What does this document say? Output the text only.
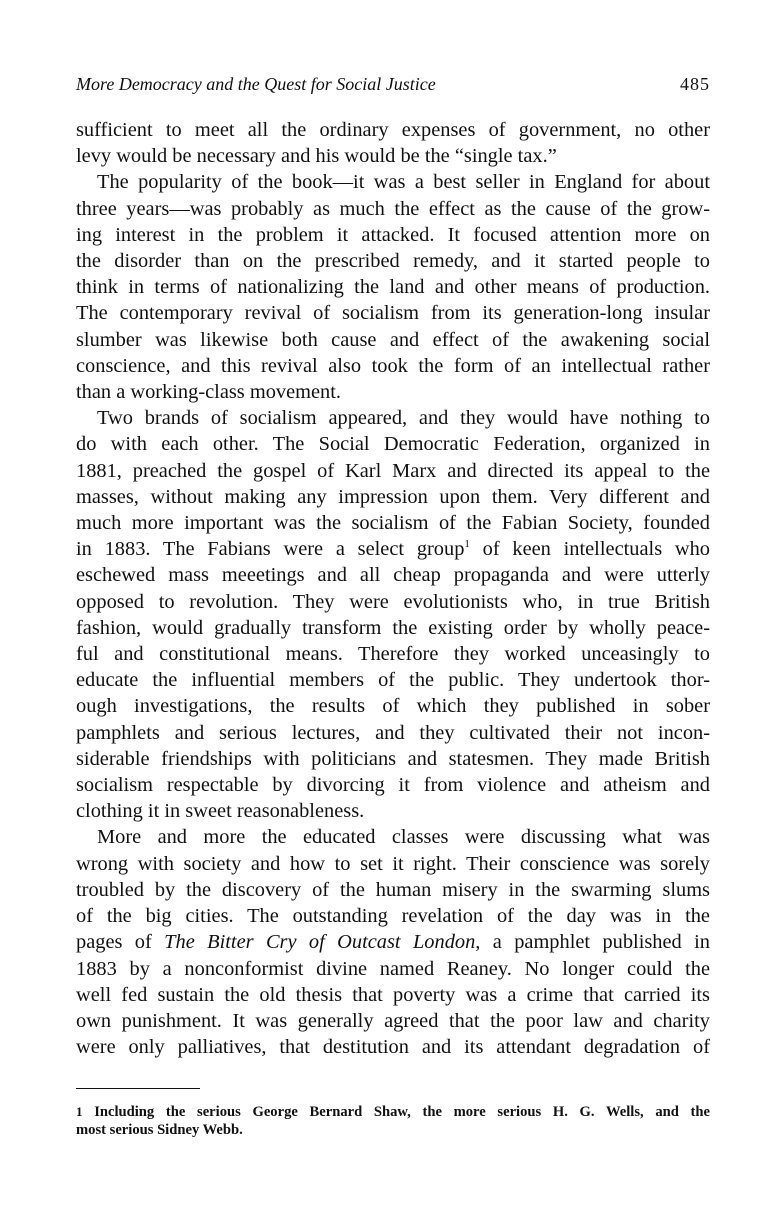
More Democracy and the Quest for Social Justice	485
sufficient to meet all the ordinary expenses of government, no other
levy would be necessary and his would be the “single tax.”
The popularity of the book—it was a best seller in England for about
three years—was probably as much the effect as the cause of the grow-
ing interest in the problem it attacked. It focused attention more on
the disorder than on the prescribed remedy, and it started people to
think in terms of nationalizing the land and other means of production.
The contemporary revival of socialism from its generation-long insular
slumber was likewise both cause and effect of the awakening social
conscience, and this revival also took the form of an intellectual rather
than a working-class movement.
Two brands of socialism appeared, and they would have nothing to
do with each other. The Social Democratic Federation, organized in
1881, preached the gospel of Karl Marx and directed its appeal to the
masses, without making any impression upon them. Very different and
much more important was the socialism of the Fabian Society, founded
in 1883. The Fabians were a select group$^1$ of keen intellectuals who
eschewed mass meeetings and all cheap propaganda and were utterly
opposed to revolution. They were evolutionists who, in true British
fashion, would gradually transform the existing order by wholly peace-
ful and constitutional means. Therefore they worked unceasingly to
educate the influential members of the public. They undertook thor-
ough investigations, the results of which they published in sober
pamphlets and serious lectures, and they cultivated their not incon-
siderable friendships with politicians and statesmen. They made British
socialism respectable by divorcing it from violence and atheism and
clothing it in sweet reasonableness.
More and more the educated classes were discussing what was
wrong with society and how to set it right. Their conscience was sorely
troubled by the discovery of the human misery in the swarming slums
of the big cities. The outstanding revelation of the day was in the
pages of The Bitter Cry of Outcast London, a pamphlet published in
1883 by a nonconformist divine named Reaney. No longer could the
well fed sustain the old thesis that poverty was a crime that carried its
own punishment. It was generally agreed that the poor law and charity
were only palliatives, that destitution and its attendant degradation of
1 Including the serious George Bernard Shaw, the more serious H. G. Wells, and the
most serious Sidney Webb.
